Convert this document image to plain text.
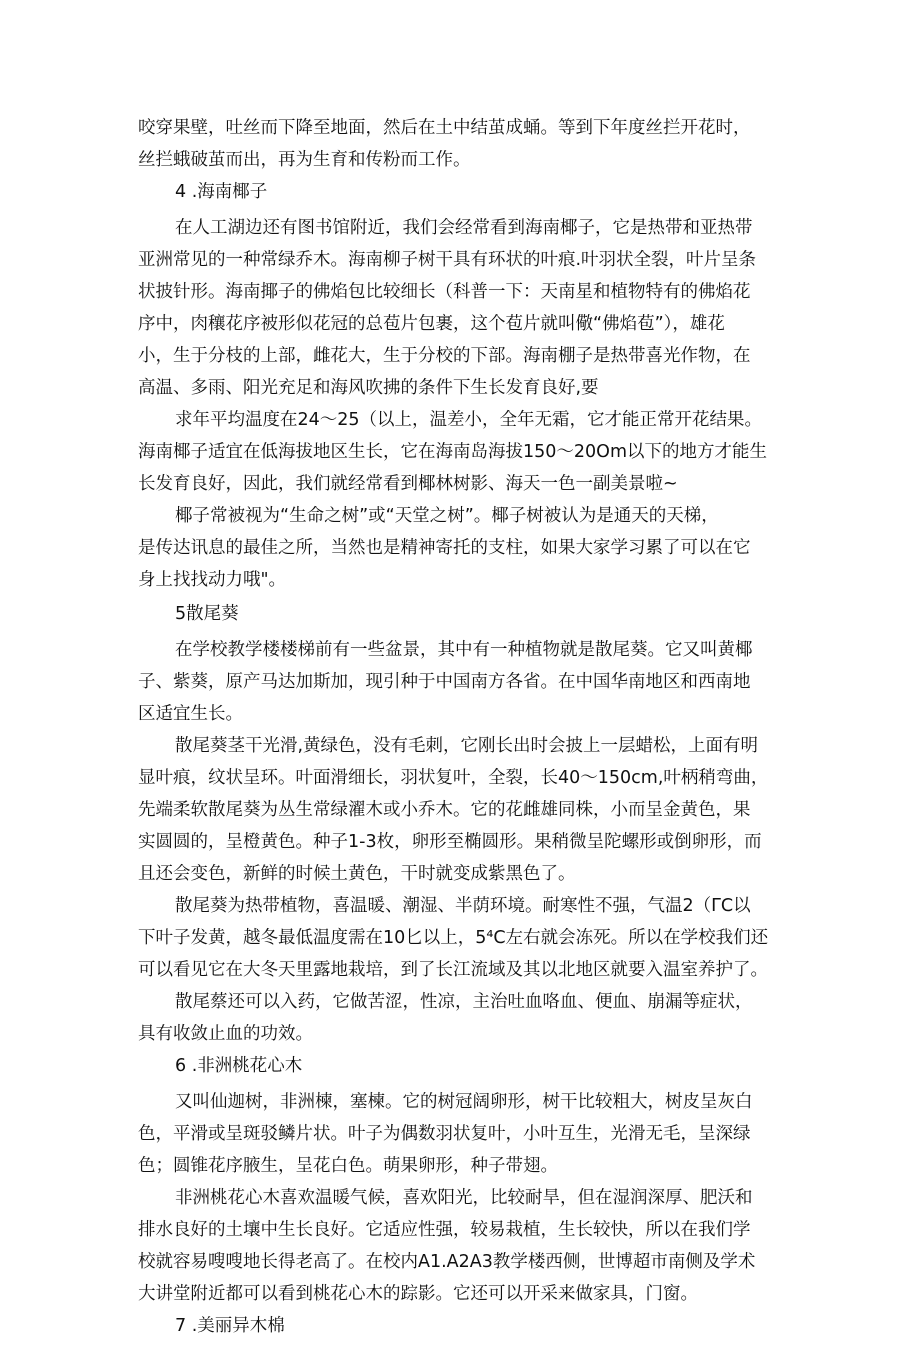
咬穿果壁，吐丝而下降至地面，然后在土中结茧成蛹。等到下年度丝拦开花时，
丝拦蛾破茧而出，再为生育和传粉而工作。
4 .海南椰子
在人工湖边还有图书馆附近，我们会经常看到海南椰子，它是热带和亚热带
亚洲常见的一种常绿乔木。海南柳子树干具有环状的叶痕.叶羽状全裂，叶片呈条
状披针形。海南揶子的佛焰包比较细长（科普一下：天南星和植物特有的佛焰花
序中，肉穰花序被形似花冠的总苞片包裹，这个苞片就叫儆“佛焰苞”），雄花
小，生于分枝的上部，雌花大，生于分校的下部。海南棚子是热带喜光作物，在
高温、多雨、阳光充足和海风吹拂的条件下生长发育良好,要
求年平均温度在24～25（以上，温差小，全年无霜，它才能正常开花结果。
海南椰子适宜在低海拔地区生长，它在海南岛海拔150～20Om以下的地方才能生
长发育良好，因此，我们就经常看到椰林树影、海天一色一副美景啦~
椰子常被视为“生命之树”或“天堂之树”。椰子树被认为是通天的天梯，
是传达讯息的最佳之所，当然也是精神寄托的支柱，如果大家学习累了可以在它
身上找找动力哦"。
5散尾葵
在学校教学楼楼梯前有一些盆景，其中有一种植物就是散尾葵。它又叫黄椰
子、紫葵，原产马达加斯加，现引种于中国南方各省。在中国华南地区和西南地
区适宜生长。
散尾葵茎干光滑,黄绿色，没有毛刺，它刚长出时会披上一层蜡松，上面有明
显叶痕，纹状呈环。叶面滑细长，羽状复叶，全裂，长40～150cm,叶柄稍弯曲，
先端柔软散尾葵为丛生常绿濯木或小乔木。它的花雌雄同株，小而呈金黄色，果
实圆圆的，呈橙黄色。种子1-3枚，卵形至椭圆形。果稍微呈陀螺形或倒卵形，而
且还会变色，新鲜的时候土黄色，干时就变成紫黑色了。
散尾葵为热带植物，喜温暖、潮湿、半荫环境。耐寒性不强，气温2（ΓC以
下叶子发黄，越冬最低温度需在10匕以上，5⁴C左右就会冻死。所以在学校我们还
可以看见它在大冬天里露地栽培，到了长江流域及其以北地区就要入温室养护了。
散尾蔡还可以入药，它做苦涩，性凉，主治吐血咯血、便血、崩漏等症状，
具有收敛止血的功效。
6 .非洲桃花心木
又叫仙迦树，非洲楝，塞楝。它的树冠阔卵形，树干比较粗大，树皮呈灰白
色，平滑或呈斑驳鳞片状。叶子为偶数羽状复叶，小叶互生，光滑无毛，呈深绿
色；圆锥花序腋生，呈花白色。萌果卵形，种子带翅。
非洲桃花心木喜欢温暖气候，喜欢阳光，比较耐旱，但在湿润深厚、肥沃和
排水良好的土壤中生长良好。它适应性强，较易栽植，生长较快，所以在我们学
校就容易嗖嗖地长得老高了。在校内A1.A2A3教学楼西侧，世博超市南侧及学术
大讲堂附近都可以看到桃花心木的踪影。它还可以开采来做家具，门窗。
7 .美丽异木棉
